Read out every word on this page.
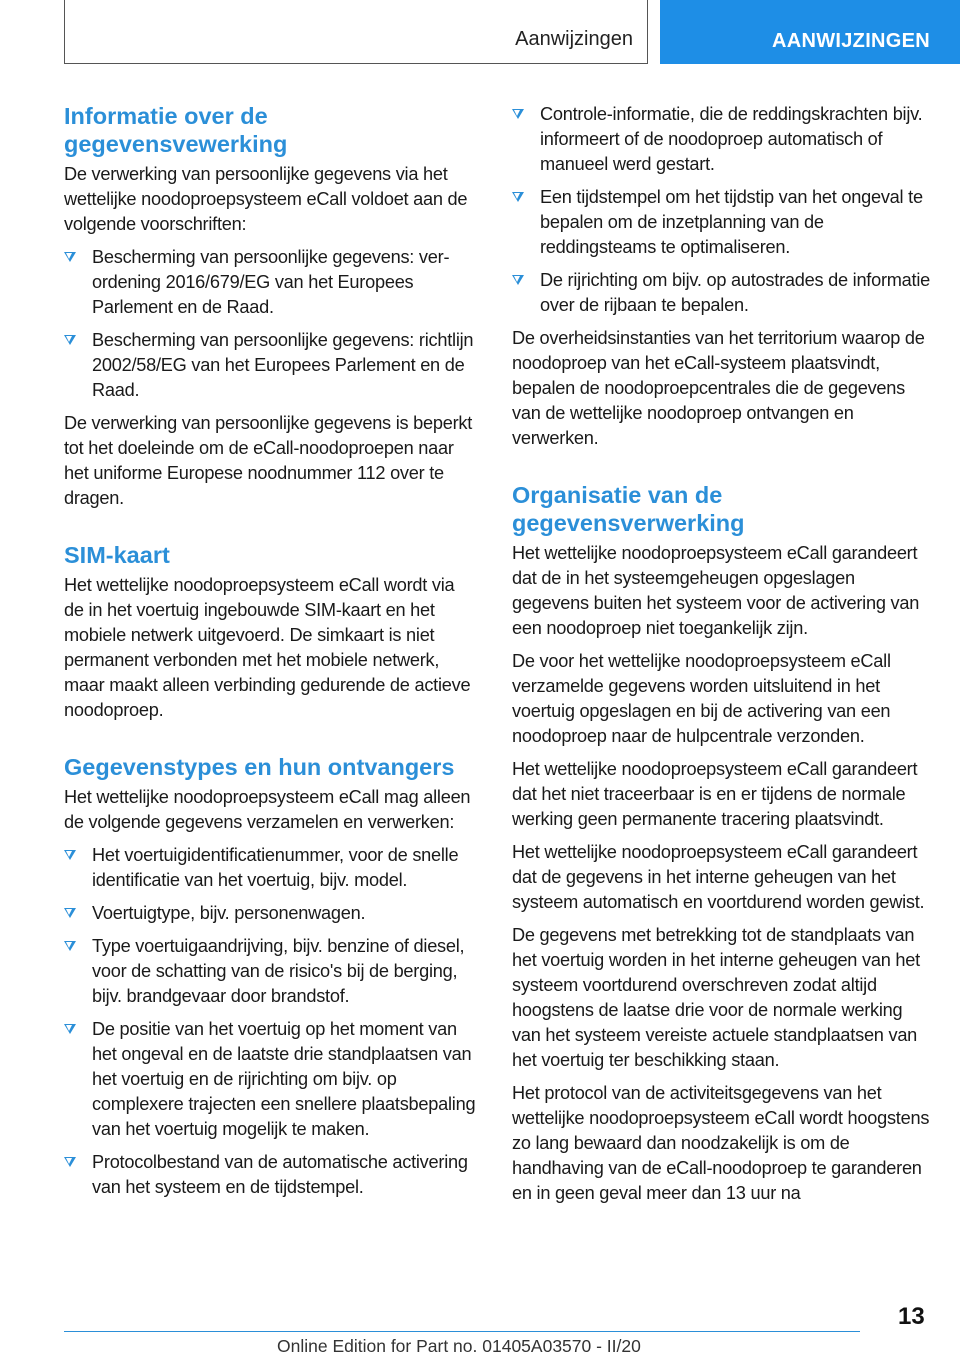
Aanwijzingen	AANWIJZINGEN
Informatie over de gegevensvewerking

De verwerking van persoonlijke gegevens via het wettelijke noodoproepsysteem eCall voldoet aan de volgende voorschriften:

Bescherming van persoonlijke gegevens: verordening 2016/679/EG van het Europees Parlement en de Raad.
Bescherming van persoonlijke gegevens: richtlijn 2002/58/EG van het Europees Parlement en de Raad.

De verwerking van persoonlijke gegevens is beperkt tot het doeleinde om de eCall-noodoproepen naar het uniforme Europese noodnummer 112 over te dragen.

SIM-kaart

Het wettelijke noodoproepsysteem eCall wordt via de in het voertuig ingebouwde SIM-kaart en het mobiele netwerk uitgevoerd. De simkaart is niet permanent verbonden met het mobiele netwerk, maar maakt alleen verbinding gedurende de actieve noodoproep.

Gegevenstypes en hun ontvangers

Het wettelijke noodoproepsysteem eCall mag alleen de volgende gegevens verzamelen en verwerken:

Het voertuigidentificatienummer, voor de snelle identificatie van het voertuig, bijv. model.
Voertuigtype, bijv. personenwagen.
Type voertuigaandrijving, bijv. benzine of diesel, voor de schatting van de risico's bij de berging, bijv. brandgevaar door brandstof.
De positie van het voertuig op het moment van het ongeval en de laatste drie standplaatsen van het voertuig en de rijrichting om bijv. op complexere trajecten een snellere plaatsbepaling van het voertuig mogelijk te maken.
Protocolbestand van de automatische activering van het systeem en de tijdstempel.
Controle-informatie, die de reddingskrachten bijv. informeert of de noodoproep automatisch of manueel werd gestart.
Een tijdstempel om het tijdstip van het ongeval te bepalen om de inzetplanning van de reddingsteams te optimaliseren.
De rijrichting om bijv. op autostrades de informatie over de rijbaan te bepalen.

De overheidsinstanties van het territorium waarop de noodoproep van het eCall-systeem plaatsvindt, bepalen de noodoproepcentrales die de gegevens van de wettelijke noodoproep ontvangen en verwerken.

Organisatie van de gegevensverwerking

Het wettelijke noodoproepsysteem eCall garandeert dat de in het systeemgeheugen opgeslagen gegevens buiten het systeem voor de activering van een noodoproep niet toegankelijk zijn.

De voor het wettelijke noodoproepsysteem eCall verzamelde gegevens worden uitsluitend in het voertuig opgeslagen en bij de activering van een noodoproep naar de hulpcentrale verzonden.

Het wettelijke noodoproepsysteem eCall garandeert dat het niet traceerbaar is en er tijdens de normale werking geen permanente tracering plaatsvindt.

Het wettelijke noodoproepsysteem eCall garandeert dat de gegevens in het interne geheugen van het systeem automatisch en voortdurend worden gewist.

De gegevens met betrekking tot de standplaats van het voertuig worden in het interne geheugen van het systeem voortdurend overschreven zodat altijd hoogstens de laatse drie voor de normale werking van het systeem vereiste actuele standplaatsen van het voertuig ter beschikking staan.

Het protocol van de activiteitsgegevens van het wettelijke noodoproepsysteem eCall wordt hoogstens zo lang bewaard dan noodzakelijk is om de handhaving van de eCall-noodoproep te garanderen en in geen geval meer dan 13 uur na

13
Online Edition for Part no. 01405A03570 - II/20
